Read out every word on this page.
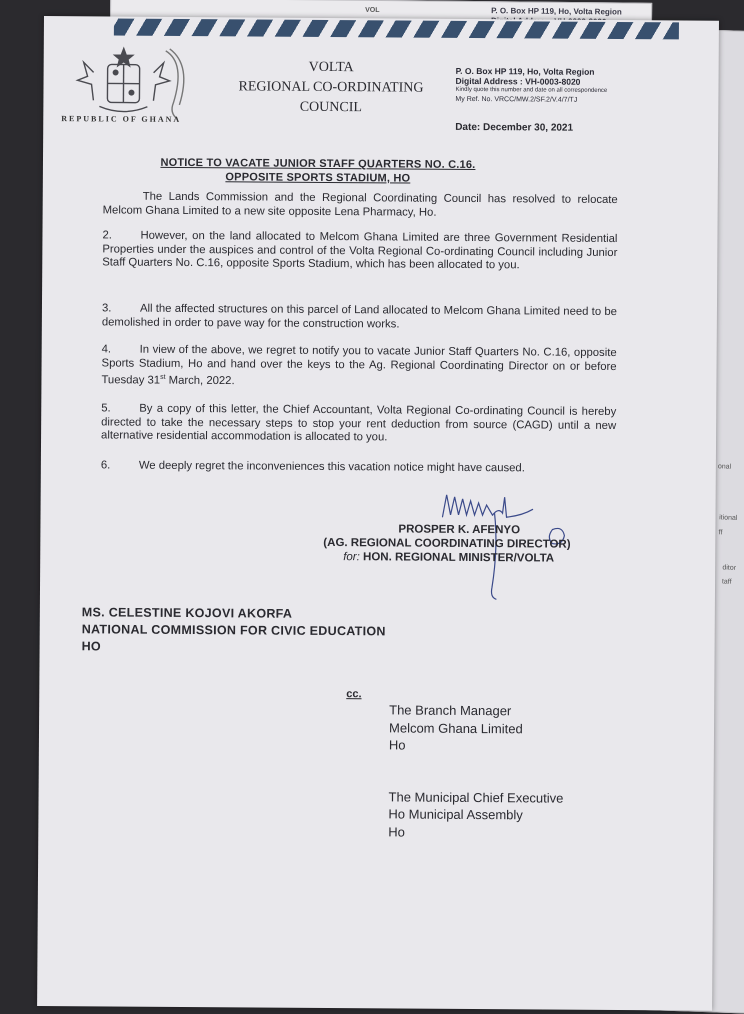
VOL	P. O. Box HP 119, Ho, Volta Region
onal
itional
ff
ditor
taff
REPUBLIC OF GHANA
VOLTA
REGIONAL CO-ORDINATING
COUNCIL
P. O. Box HP 119, Ho, Volta Region
Digital Address : VH-0003-8020
Kindly quote this number and date on all correspondence
My Ref. No. VRCC/MW.2/SF.2/V.4/7/TJ
Date: December 30, 2021
NOTICE TO VACATE JUNIOR STAFF QUARTERS NO. C.16.
OPPOSITE SPORTS STADIUM, HO
The Lands Commission and the Regional Coordinating Council has resolved to relocate Melcom Ghana Limited to a new site opposite Lena Pharmacy, Ho.
2.	However, on the land allocated to Melcom Ghana Limited are three Government Residential Properties under the auspices and control of the Volta Regional Co-ordinating Council including Junior Staff Quarters No. C.16, opposite Sports Stadium, which has been allocated to you.
3.	All the affected structures on this parcel of Land allocated to Melcom Ghana Limited need to be demolished in order to pave way for the construction works.
4.	In view of the above, we regret to notify you to vacate Junior Staff Quarters No. C.16, opposite Sports Stadium, Ho and hand over the keys to the Ag. Regional Coordinating Director on or before Tuesday 31st March, 2022.
5.	By a copy of this letter, the Chief Accountant, Volta Regional Co-ordinating Council is hereby directed to take the necessary steps to stop your rent deduction from source (CAGD) until a new alternative residential accommodation is allocated to you.
6.	We deeply regret the inconveniences this vacation notice might have caused.
PROSPER K. AFENYO
(AG. REGIONAL COORDINATING DIRECTOR)
for: HON. REGIONAL MINISTER/VOLTA
MS. CELESTINE KOJOVI AKORFA
NATIONAL COMMISSION FOR CIVIC EDUCATION
HO
cc.
The Branch Manager
Melcom Ghana Limited
Ho
The Municipal Chief Executive
Ho Municipal Assembly
Ho
